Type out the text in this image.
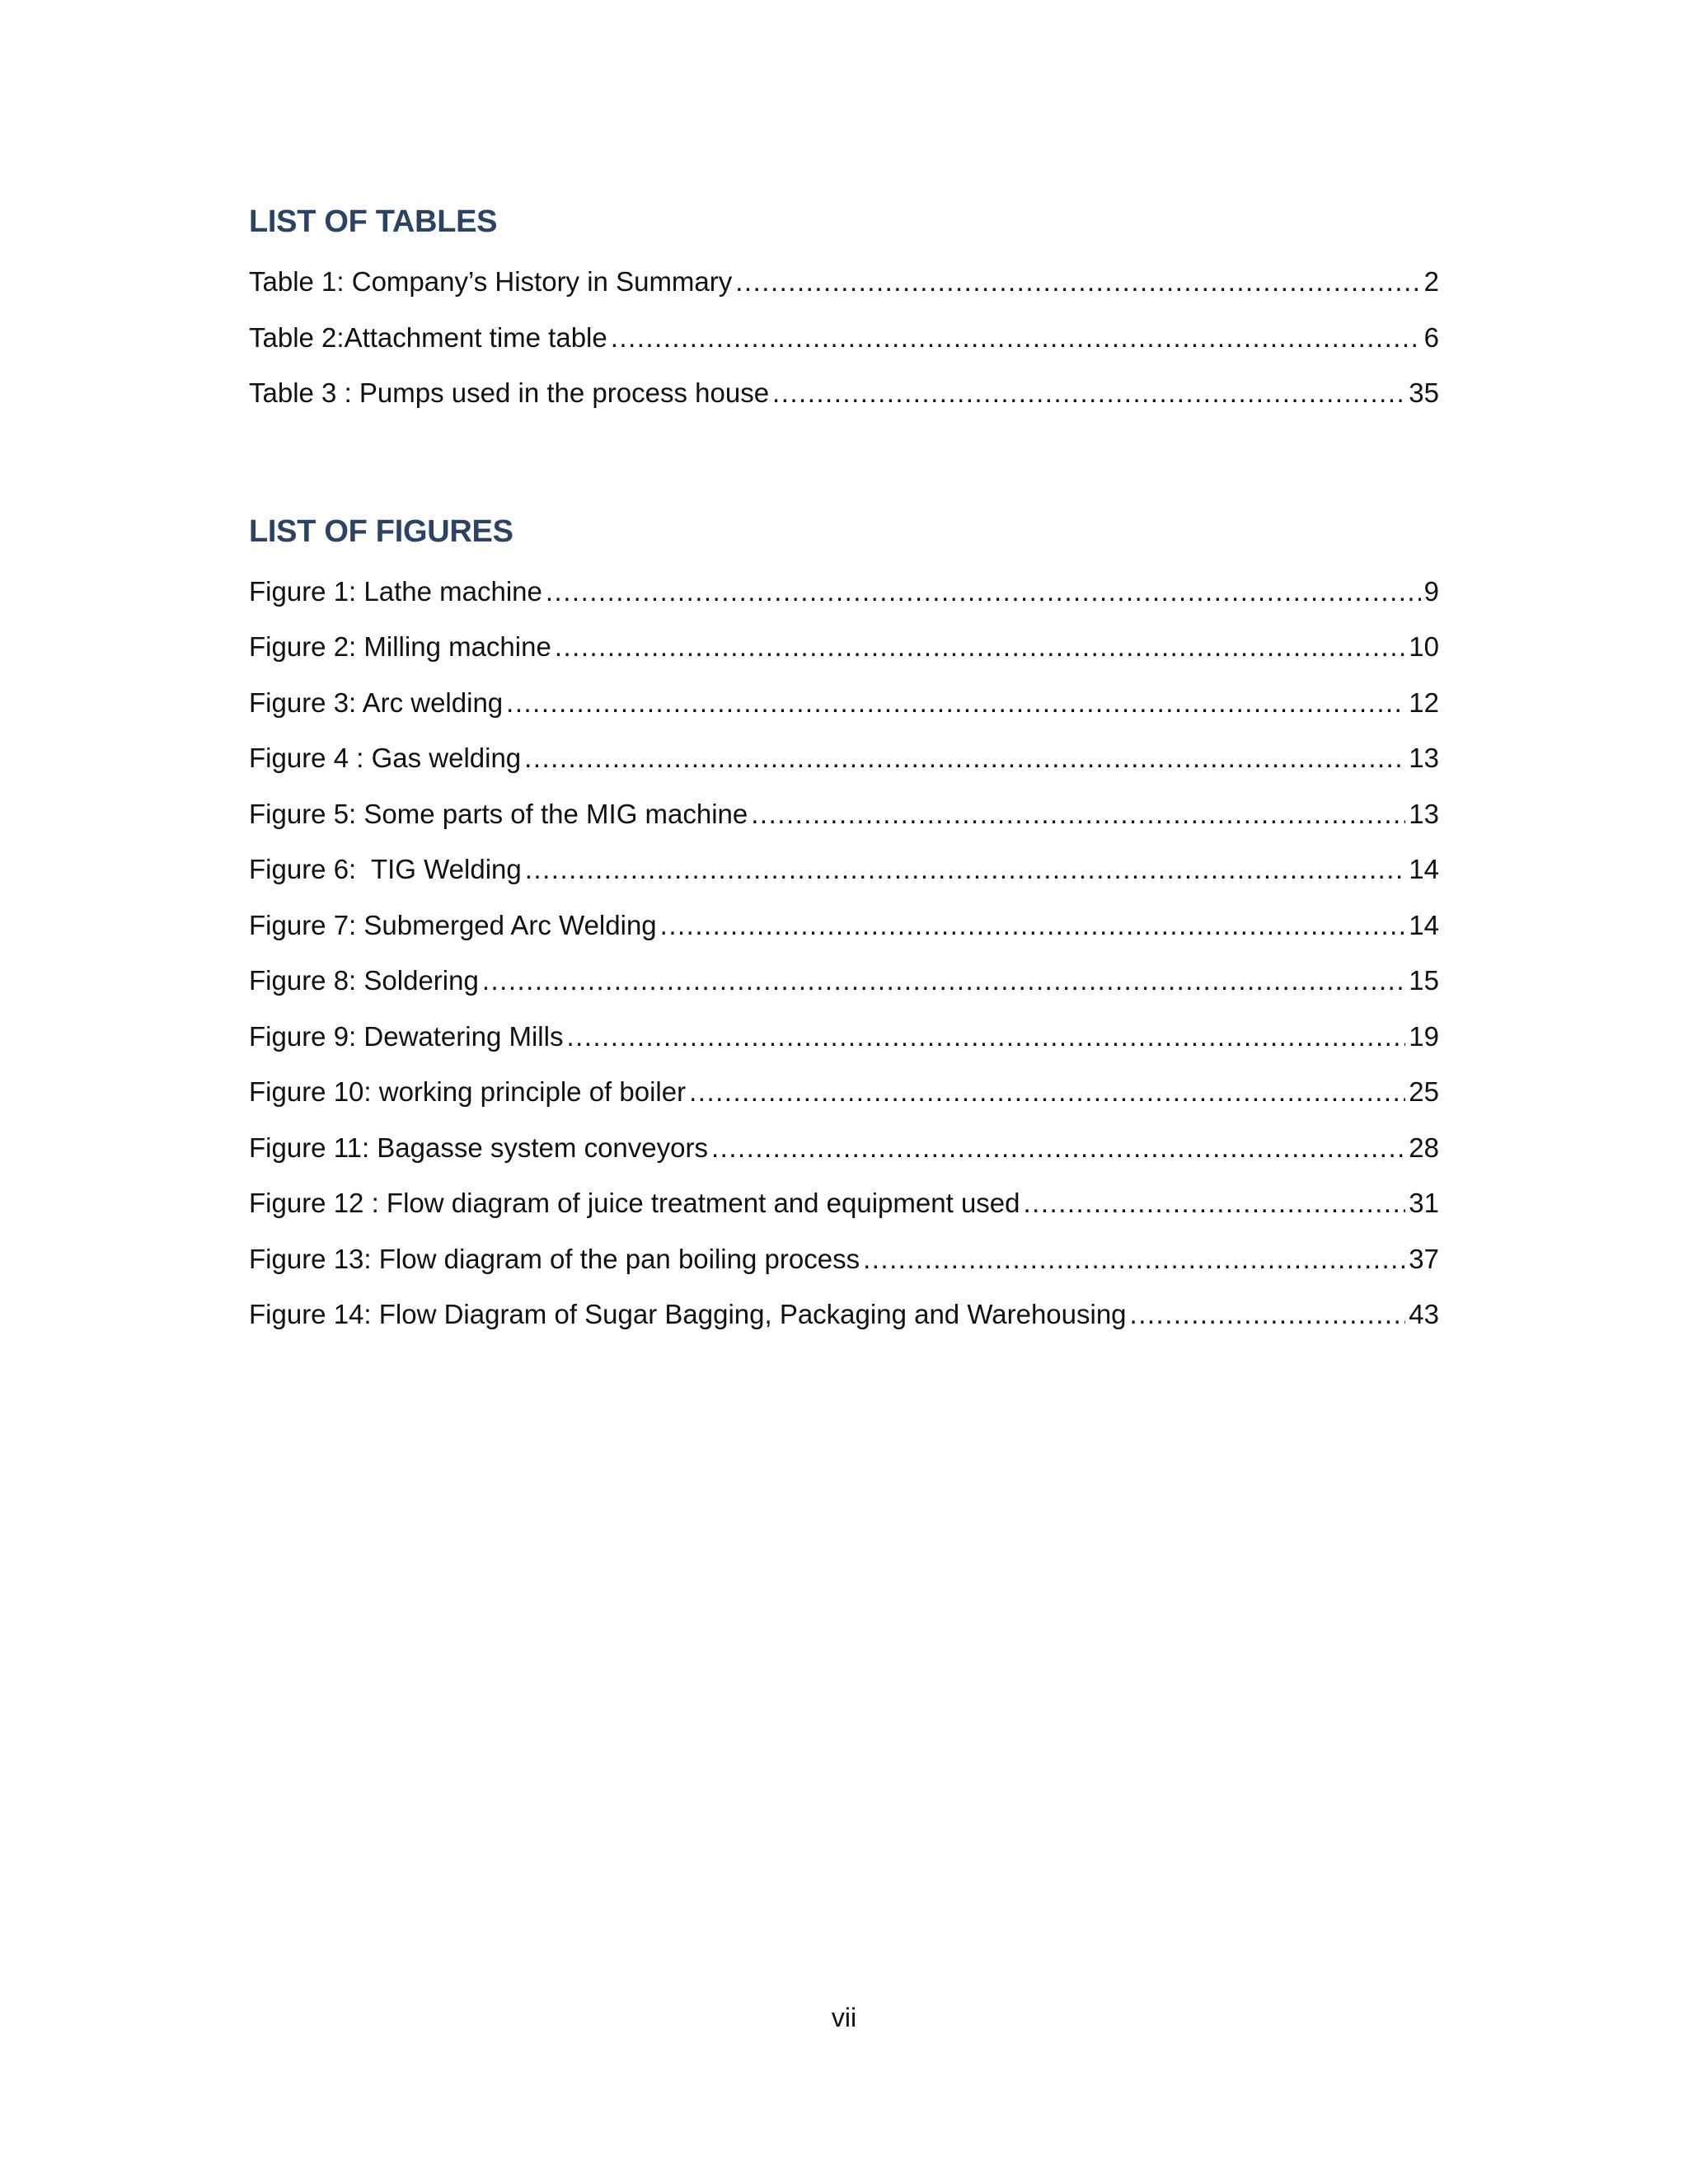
LIST OF TABLES
Table 1: Company’s History in Summary .....	2
Table 2:Attachment time table .....	6
Table 3 : Pumps used in the process house .....	35
LIST OF FIGURES
Figure 1: Lathe machine .....	9
Figure 2: Milling machine .....	10
Figure 3: Arc welding .....	12
Figure 4 : Gas welding .....	13
Figure 5: Some parts of the MIG machine .....	13
Figure 6:  TIG Welding .....	14
Figure 7: Submerged Arc Welding .....	14
Figure 8: Soldering .....	15
Figure 9: Dewatering Mills .....	19
Figure 10: working principle of boiler .....	25
Figure 11: Bagasse system conveyors .....	28
Figure 12 : Flow diagram of juice treatment and equipment used .....	31
Figure 13: Flow diagram of the pan boiling process .....	37
Figure 14: Flow Diagram of Sugar Bagging, Packaging and Warehousing .....	43
vii
